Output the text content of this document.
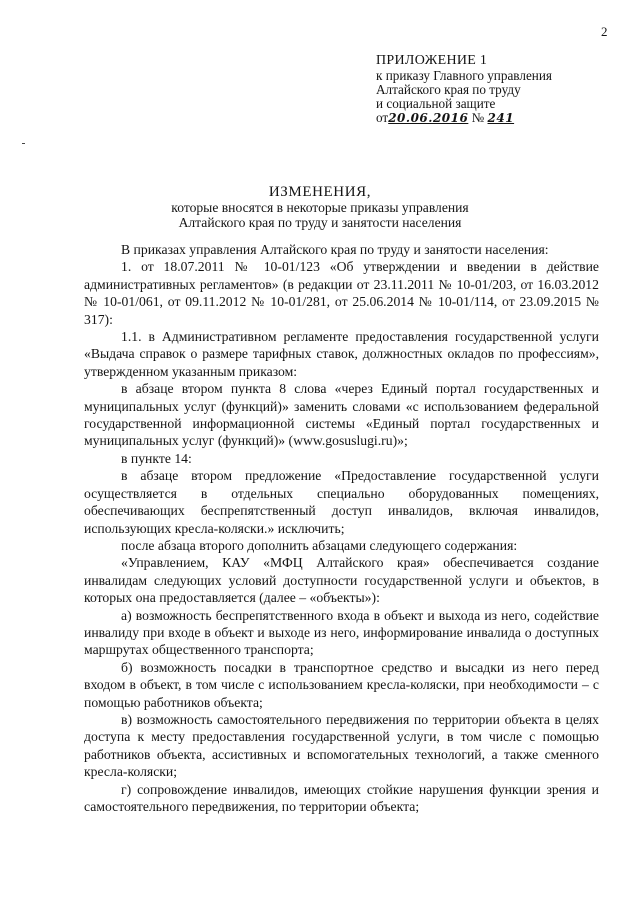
2
ПРИЛОЖЕНИЕ 1
к приказу Главного управления
Алтайского края по труду
и социальной защите
от20.06.2016 № 241
ИЗМЕНЕНИЯ,
которые вносятся в некоторые приказы управления
Алтайского края по труду и занятости населения

В приказах управления Алтайского края по труду и занятости населения:

1. от 18.07.2011 № 10-01/123 «Об утверждении и введении в действие административных регламентов» (в редакции от 23.11.2011 № 10-01/203, от 16.03.2012 № 10-01/061, от 09.11.2012 № 10-01/281, от 25.06.2014 № 10-01/114, от 23.09.2015 № 317):

1.1. в Административном регламенте предоставления государственной услуги «Выдача справок о размере тарифных ставок, должностных окладов по профессиям», утвержденном указанным приказом:

в абзаце втором пункта 8 слова «через Единый портал государственных и муниципальных услуг (функций)» заменить словами «с использованием федеральной государственной информационной системы «Единый портал государственных и муниципальных услуг (функций)» (www.gosuslugi.ru)»;

в пункте 14:

в абзаце втором предложение «Предоставление государственной услуги осуществляется в отдельных специально оборудованных помещениях, обеспечивающих беспрепятственный доступ инвалидов, включая инвалидов, использующих кресла-коляски.» исключить;

после абзаца второго дополнить абзацами следующего содержания:

«Управлением, КАУ «МФЦ Алтайского края» обеспечивается создание инвалидам следующих условий доступности государственной услуги и объектов, в которых она предоставляется (далее – «объекты»):

а) возможность беспрепятственного входа в объект и выхода из него, содействие инвалиду при входе в объект и выходе из него, информирование инвалида о доступных маршрутах общественного транспорта;

б) возможность посадки в транспортное средство и высадки из него перед входом в объект, в том числе с использованием кресла-коляски, при необходимости – с помощью работников объекта;

в) возможность самостоятельного передвижения по территории объекта в целях доступа к месту предоставления государственной услуги, в том числе с помощью работников объекта, ассистивных и вспомогательных технологий, а также сменного кресла-коляски;

г) сопровождение инвалидов, имеющих стойкие нарушения функции зрения и самостоятельного передвижения, по территории объекта;
